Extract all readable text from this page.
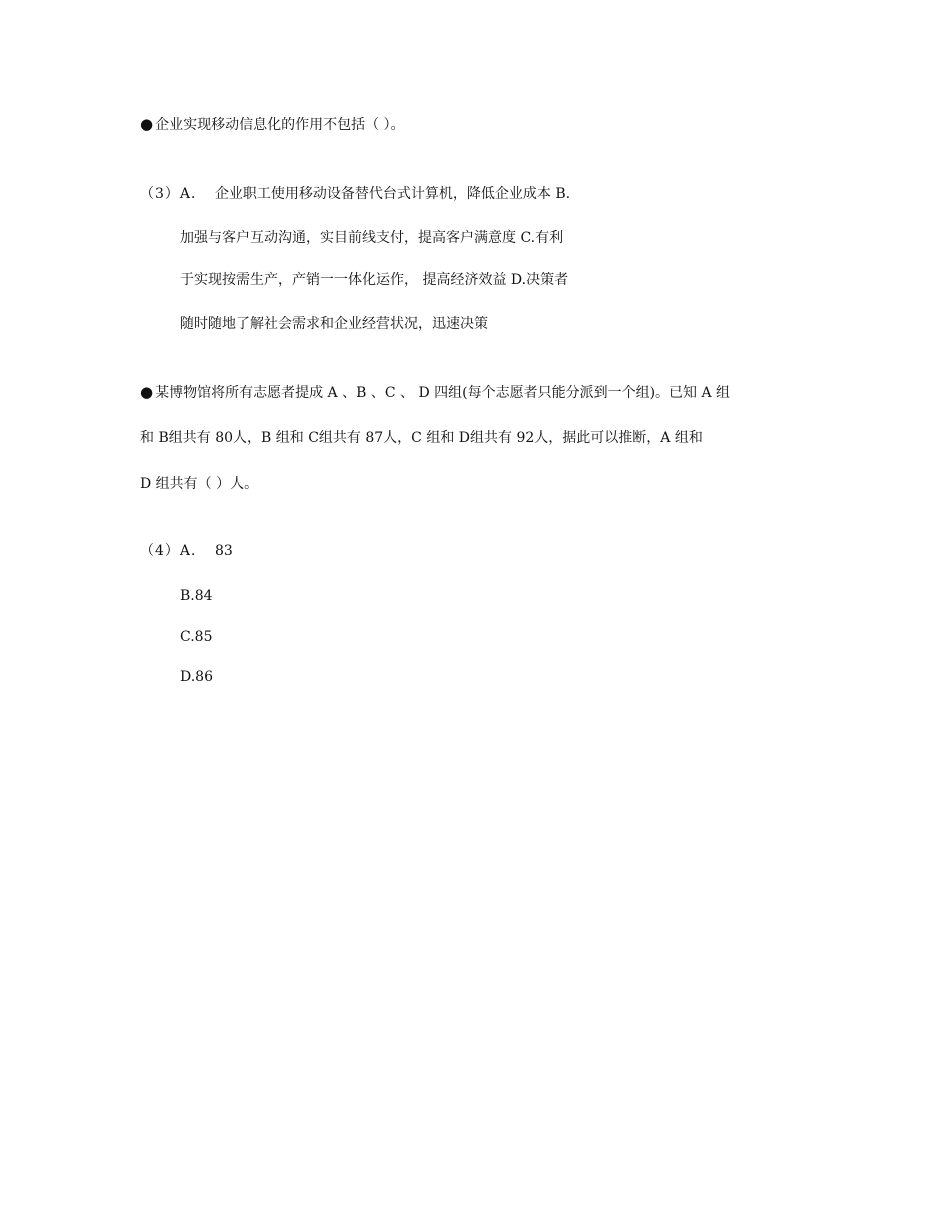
● 企业实现移动信息化的作用不包括（ ）。
（3）A． 企业职工使用移动设备替代台式计算机，降低企业成本 B.
加强与客户互动沟通，实目前线支付，提高客户满意度 C.有利
于实现按需生产，产销一一体化运作， 提高经济效益 D.决策者
随时随地了解社会需求和企业经营状况，迅速决策
● 某博物馆将所有志愿者提成 A 、B 、C 、 D 四组(每个志愿者只能分派到一个组)。已知 A 组
和 B组共有 80人，B 组和 C组共有 87人，C 组和 D组共有 92人，据此可以推断，A 组和
D 组共有（ ）人。
（4）A． 83
B.84
C.85
D.86
